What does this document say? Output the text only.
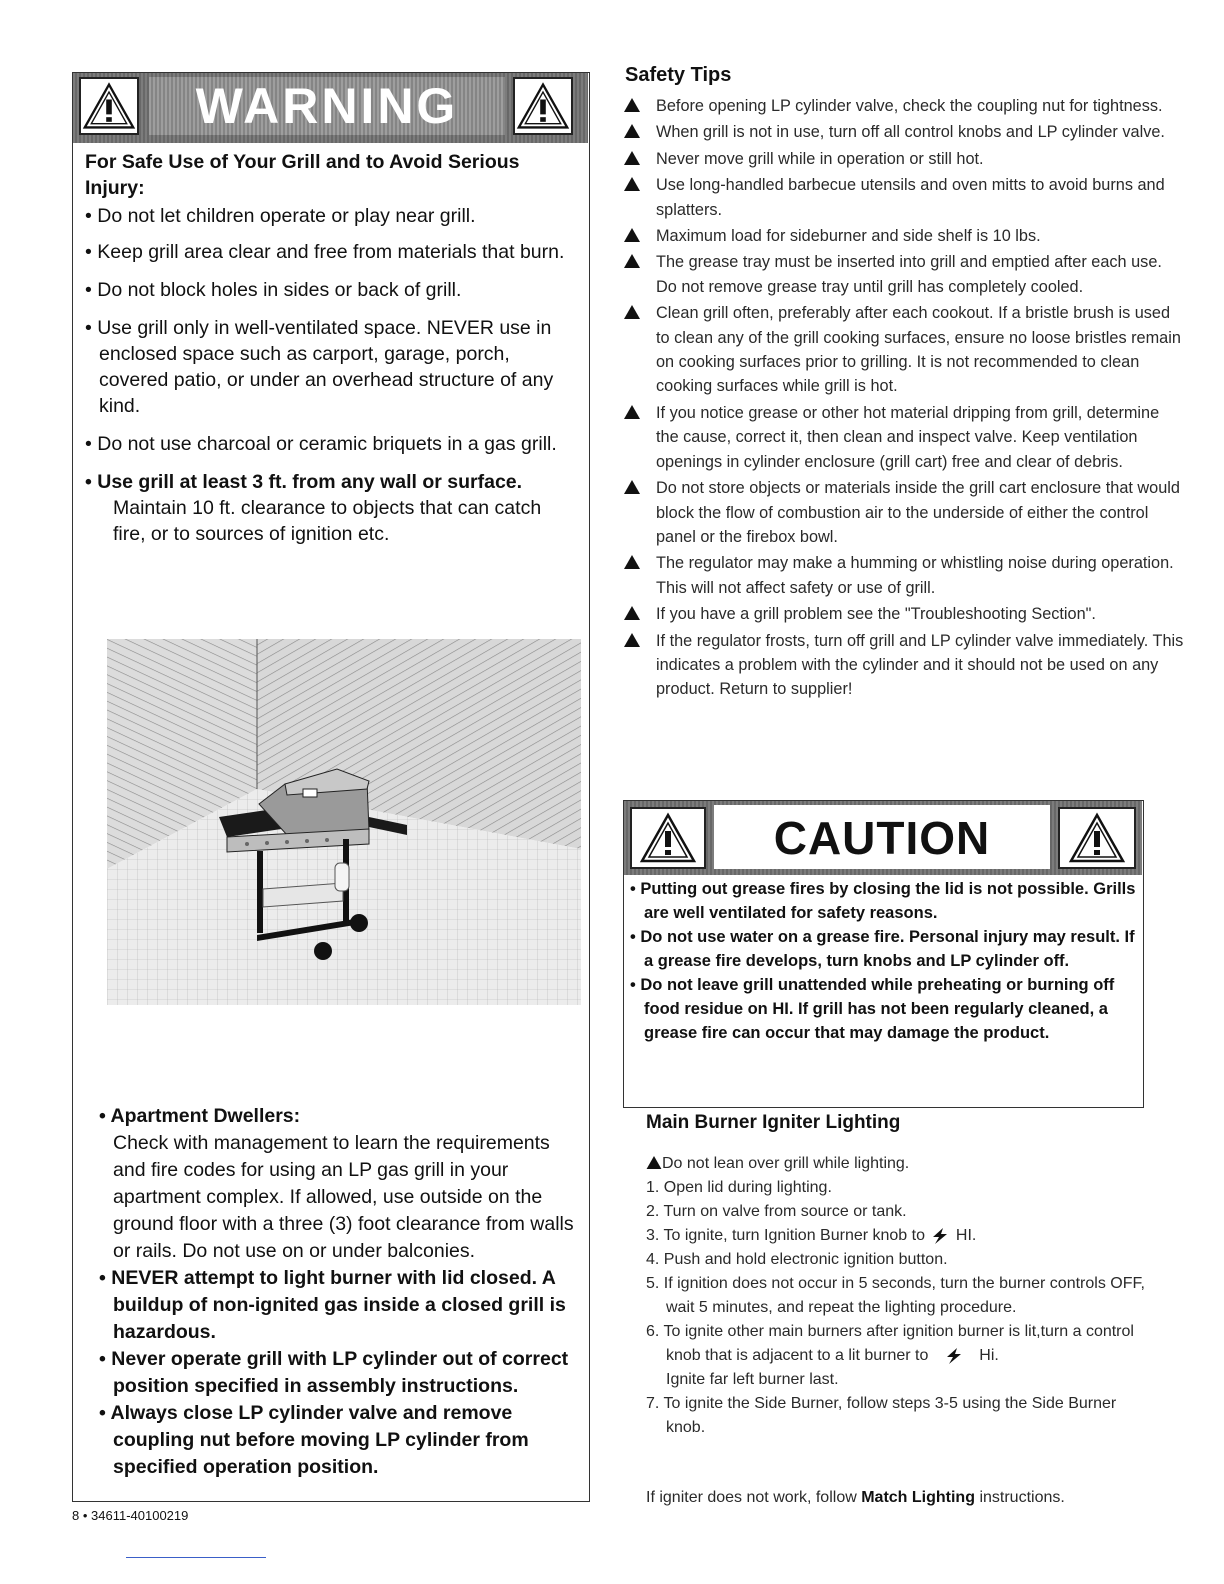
WARNING
For Safe Use of Your Grill and to Avoid Serious Injury:
• Do not let children operate or play near grill.
• Keep grill area clear and free from materials that burn.
• Do not block holes in sides or back of grill.
• Use grill only in well-ventilated space. NEVER use in enclosed space such as carport, garage, porch, covered patio, or under an overhead structure of any kind.
• Do not use charcoal or ceramic briquets in a gas grill.
• Use grill at least 3 ft. from any wall or surface.
Maintain 10 ft. clearance to objects that can catch fire, or to sources of ignition etc.
• Apartment Dwellers:
Check with management to learn the requirements and fire codes for using an LP gas grill in your apartment complex. If allowed, use outside on the ground floor with a three (3) foot clearance from walls or rails. Do not use on or under balconies.
• NEVER attempt to light burner with lid closed. A buildup of non-ignited gas inside a closed grill is hazardous.
• Never operate grill with LP cylinder out of correct position specified in assembly instructions.
• Always close LP cylinder valve and remove coupling nut before moving LP cylinder from specified operation position.
8 • 34611-40100219
Safety Tips
Before opening LP cylinder valve, check the coupling nut for tightness.
When grill is not in use, turn off all control knobs and LP cylinder valve.
Never move grill while in operation or still hot.
Use long-handled barbecue utensils and oven mitts to avoid burns and splatters.
Maximum load for sideburner and side shelf is 10 lbs.
The grease tray must be inserted into grill and emptied after each use. Do not remove grease tray until grill has completely cooled.
Clean grill often, preferably after each cookout. If a bristle brush is used to clean any of the grill cooking surfaces, ensure no loose bristles remain on cooking surfaces prior to grilling. It is not recommended to clean cooking surfaces while grill is hot.
If you notice grease or other hot material dripping from grill, determine the cause, correct it, then clean and inspect valve. Keep ventilation openings in cylinder enclosure (grill cart) free and clear of debris.
Do not store objects or materials inside the grill cart enclosure that would block the flow of combustion air to the underside of either the control panel or the firebox bowl.
The regulator may make a humming or whistling noise during operation. This will not affect safety or use of grill.
If you have a grill problem see the "Troubleshooting Section".
If the regulator frosts, turn off grill and LP cylinder valve immediately. This indicates a problem with the cylinder and it should not be used on any product. Return to supplier!
CAUTION
• Putting out grease fires by closing the lid is not possible. Grills are well ventilated for safety reasons.
• Do not use water on a grease fire. Personal injury may result. If a grease fire develops, turn knobs and LP cylinder off.
• Do not leave grill unattended while preheating or burning off food residue on HI. If grill has not been regularly cleaned, a grease fire can occur that may damage the product.
Main Burner Igniter Lighting
Do not lean over grill while lighting.
1. Open lid during lighting.
2. Turn on valve from source or tank.
3. To ignite, turn Ignition Burner knob to HI.
4. Push and hold electronic ignition button.
5. If ignition does not occur in 5 seconds, turn the burner controls OFF, wait 5 minutes, and repeat the lighting procedure.
6. To ignite other main burners after ignition burner is lit,turn a control knob that is adjacent to a lit burner to	Hi.
Ignite far left burner last.
7. To ignite the Side Burner, follow steps 3-5 using the Side Burner knob.
If igniter does not work, follow Match Lighting instructions.
